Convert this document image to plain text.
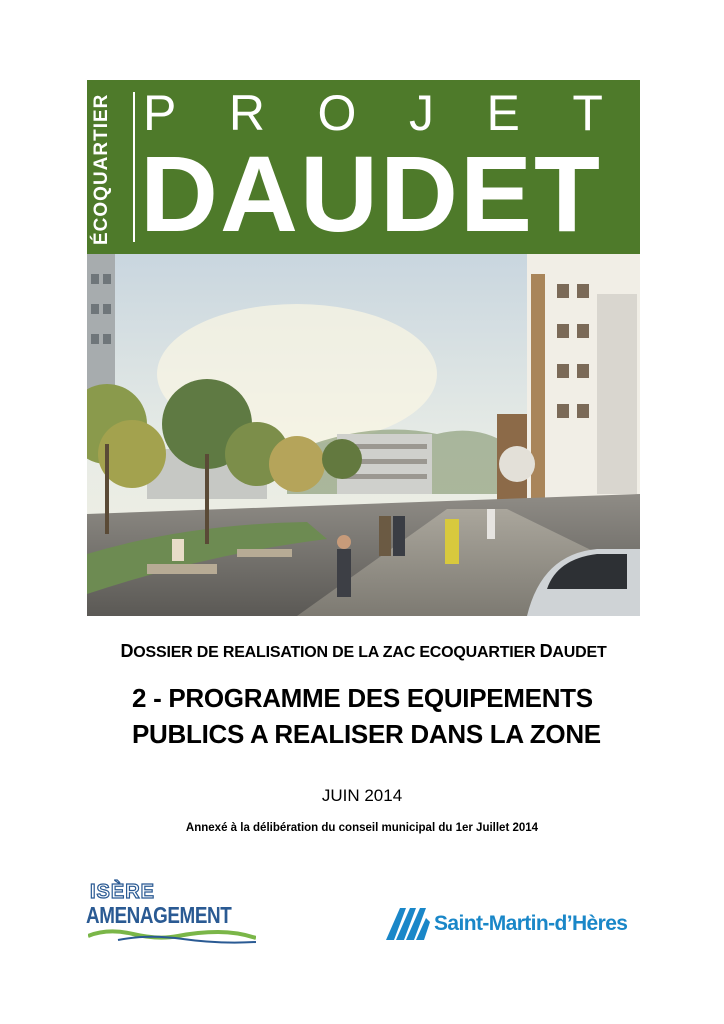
ÉCOQUARTIER P R O J E T
DAUDET
DOSSIER DE REALISATION DE LA ZAC ECOQUARTIER DAUDET
2 - PROGRAMME DES EQUIPEMENTS
PUBLICS A REALISER DANS LA ZONE
JUIN 2014
Annexé à la délibération du conseil municipal du 1er Juillet 2014
ISÈRE
AMENAGEMENT	Saint-Martin-d’Hères
